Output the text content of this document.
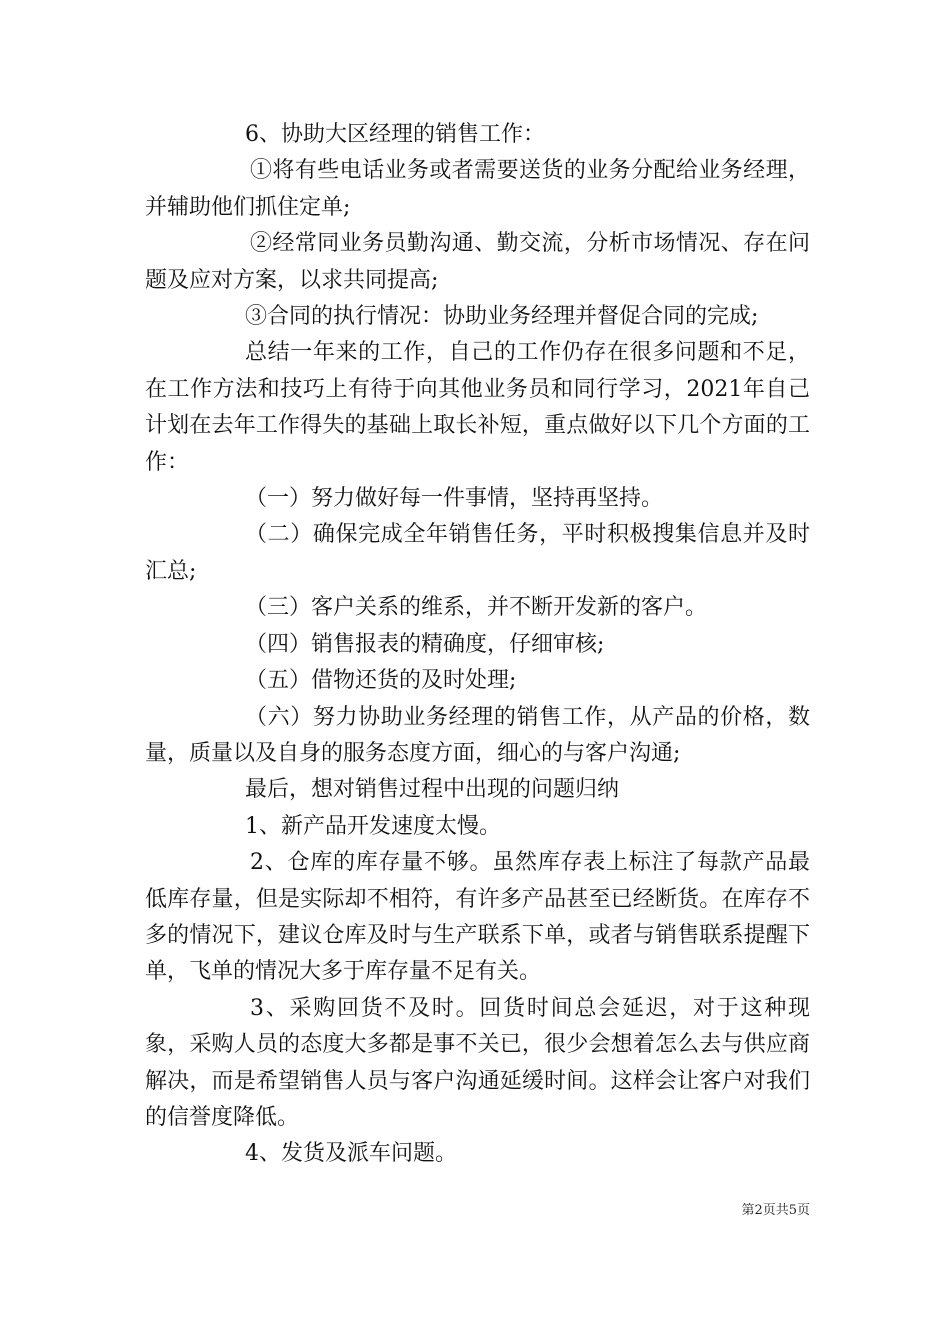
6、协助大区经理的销售工作：

①将有些电话业务或者需要送货的业务分配给业务经理，并辅助他们抓住定单;

②经常同业务员勤沟通、勤交流，分析市场情况、存在问题及应对方案，以求共同提高;

③合同的执行情况：协助业务经理并督促合同的完成;

总结一年来的工作，自己的工作仍存在很多问题和不足，在工作方法和技巧上有待于向其他业务员和同行学习，2021年自己计划在去年工作得失的基础上取长补短，重点做好以下几个方面的工作：

（一）努力做好每一件事情，坚持再坚持。

（二）确保完成全年销售任务，平时积极搜集信息并及时汇总;

（三）客户关系的维系，并不断开发新的客户。

（四）销售报表的精确度，仔细审核;

（五）借物还货的及时处理;

（六）努力协助业务经理的销售工作，从产品的价格，数量，质量以及自身的服务态度方面，细心的与客户沟通;

最后，想对销售过程中出现的问题归纳

1、新产品开发速度太慢。

2、仓库的库存量不够。虽然库存表上标注了每款产品最低库存量，但是实际却不相符，有许多产品甚至已经断货。在库存不多的情况下，建议仓库及时与生产联系下单，或者与销售联系提醒下单，飞单的情况大多于库存量不足有关。

3、采购回货不及时。回货时间总会延迟，对于这种现象，采购人员的态度大多都是事不关已，很少会想着怎么去与供应商解决，而是希望销售人员与客户沟通延缓时间。这样会让客户对我们的信誉度降低。

4、发货及派车问题。

第2页共5页
